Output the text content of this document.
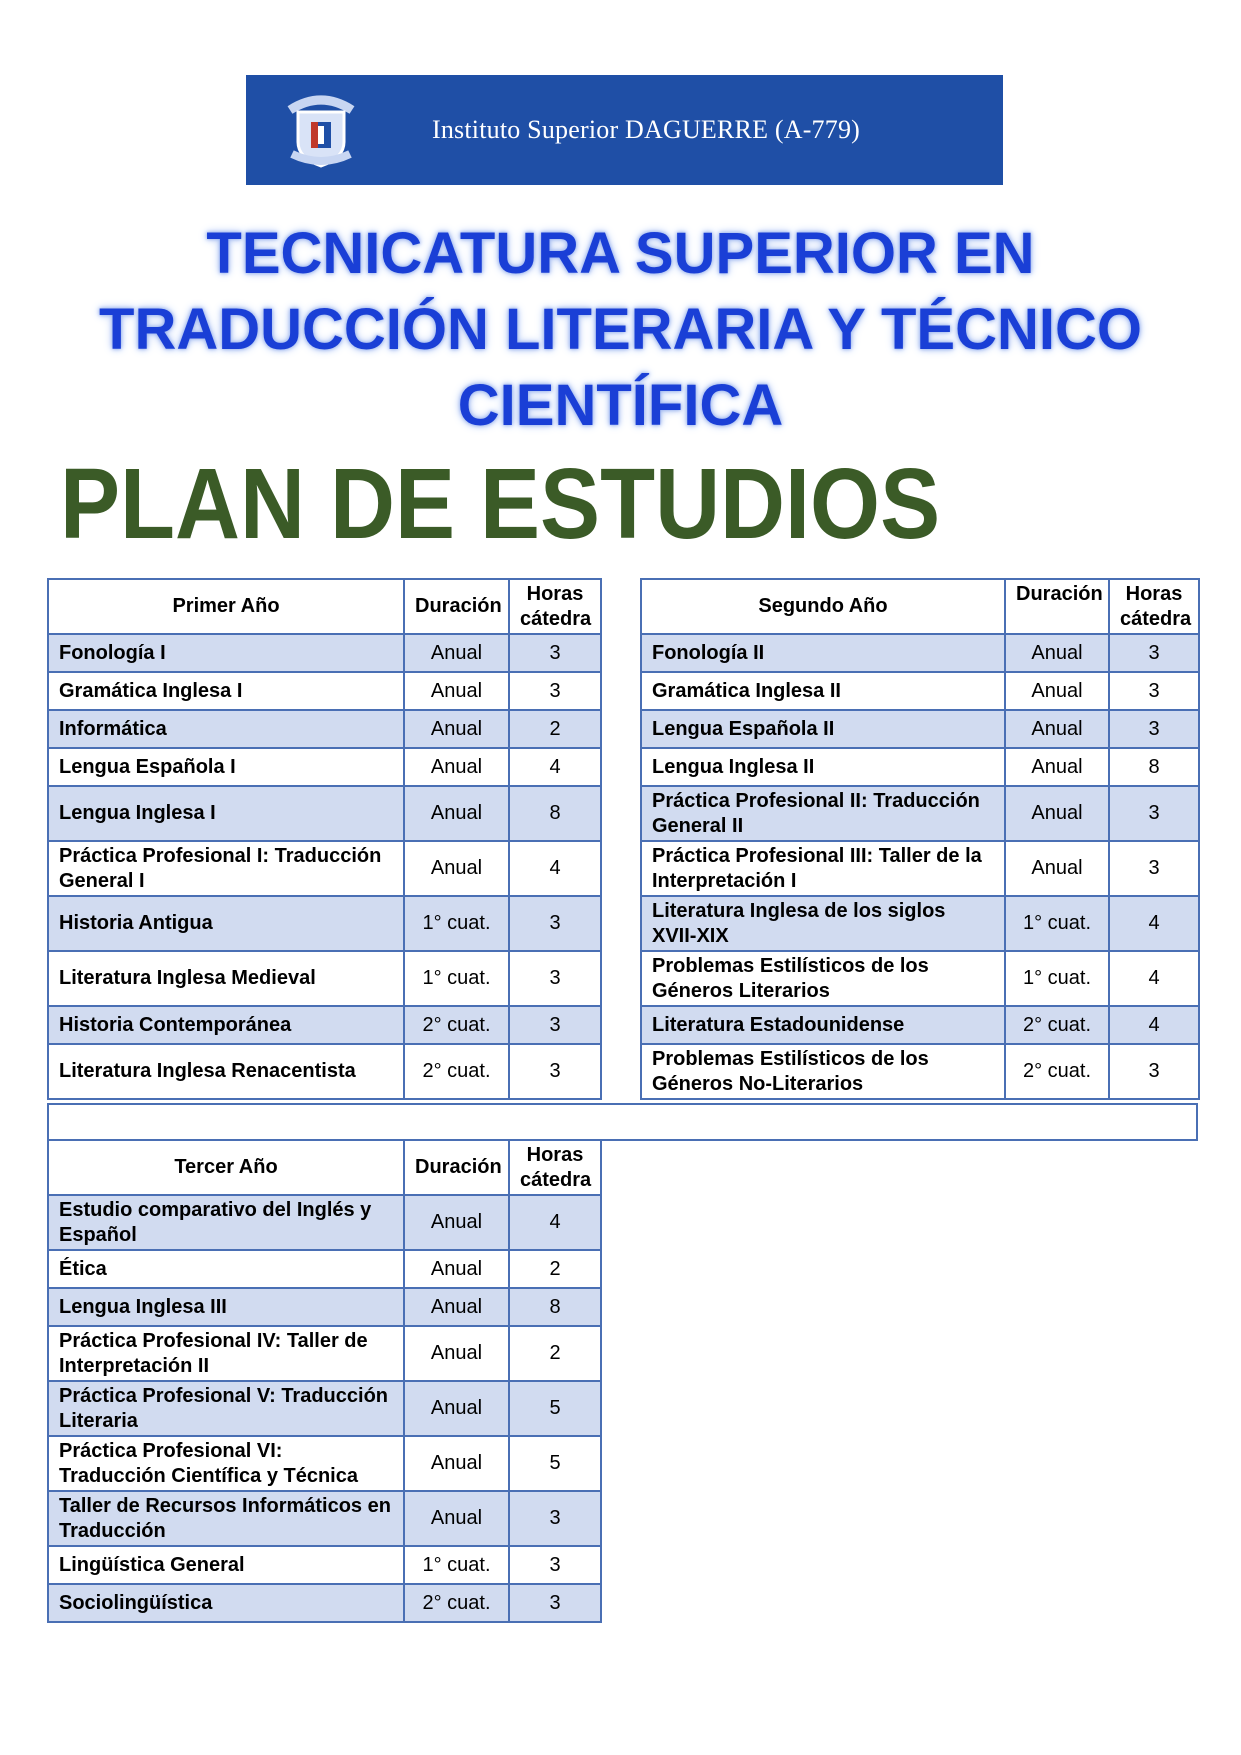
Instituto Superior DAGUERRE (A-779)
TECNICATURA SUPERIOR EN
TRADUCCIÓN LITERARIA Y TÉCNICO
CIENTÍFICA
PLAN DE ESTUDIOS
Primer Año	Duración	Horas cátedra
Fonología I	Anual	3
Gramática Inglesa I	Anual	3
Informática	Anual	2
Lengua Española I	Anual	4
Lengua Inglesa I	Anual	8
Práctica Profesional I: Traducción General I	Anual	4
Historia Antigua	1° cuat.	3
Literatura Inglesa Medieval	1° cuat.	3
Historia Contemporánea	2° cuat.	3
Literatura Inglesa Renacentista	2° cuat.	3
Segundo Año	Duración	Horas cátedra
Fonología II	Anual	3
Gramática Inglesa II	Anual	3
Lengua Española II	Anual	3
Lengua Inglesa II	Anual	8
Práctica Profesional II: Traducción General II	Anual	3
Práctica Profesional III: Taller de la Interpretación I	Anual	3
Literatura Inglesa de los siglos XVII-XIX	1° cuat.	4
Problemas Estilísticos de los Géneros Literarios	1° cuat.	4
Literatura Estadounidense	2° cuat.	4
Problemas Estilísticos de los Géneros No-Literarios	2° cuat.	3
Tercer Año	Duración	Horas cátedra
Estudio comparativo del Inglés y Español	Anual	4
Ética	Anual	2
Lengua Inglesa III	Anual	8
Práctica Profesional IV: Taller de Interpretación II	Anual	2
Práctica Profesional V: Traducción Literaria	Anual	5
Práctica Profesional VI: Traducción Científica y Técnica	Anual	5
Taller de Recursos Informáticos en Traducción	Anual	3
Lingüística General	1° cuat.	3
Sociolingüística	2° cuat.	3
